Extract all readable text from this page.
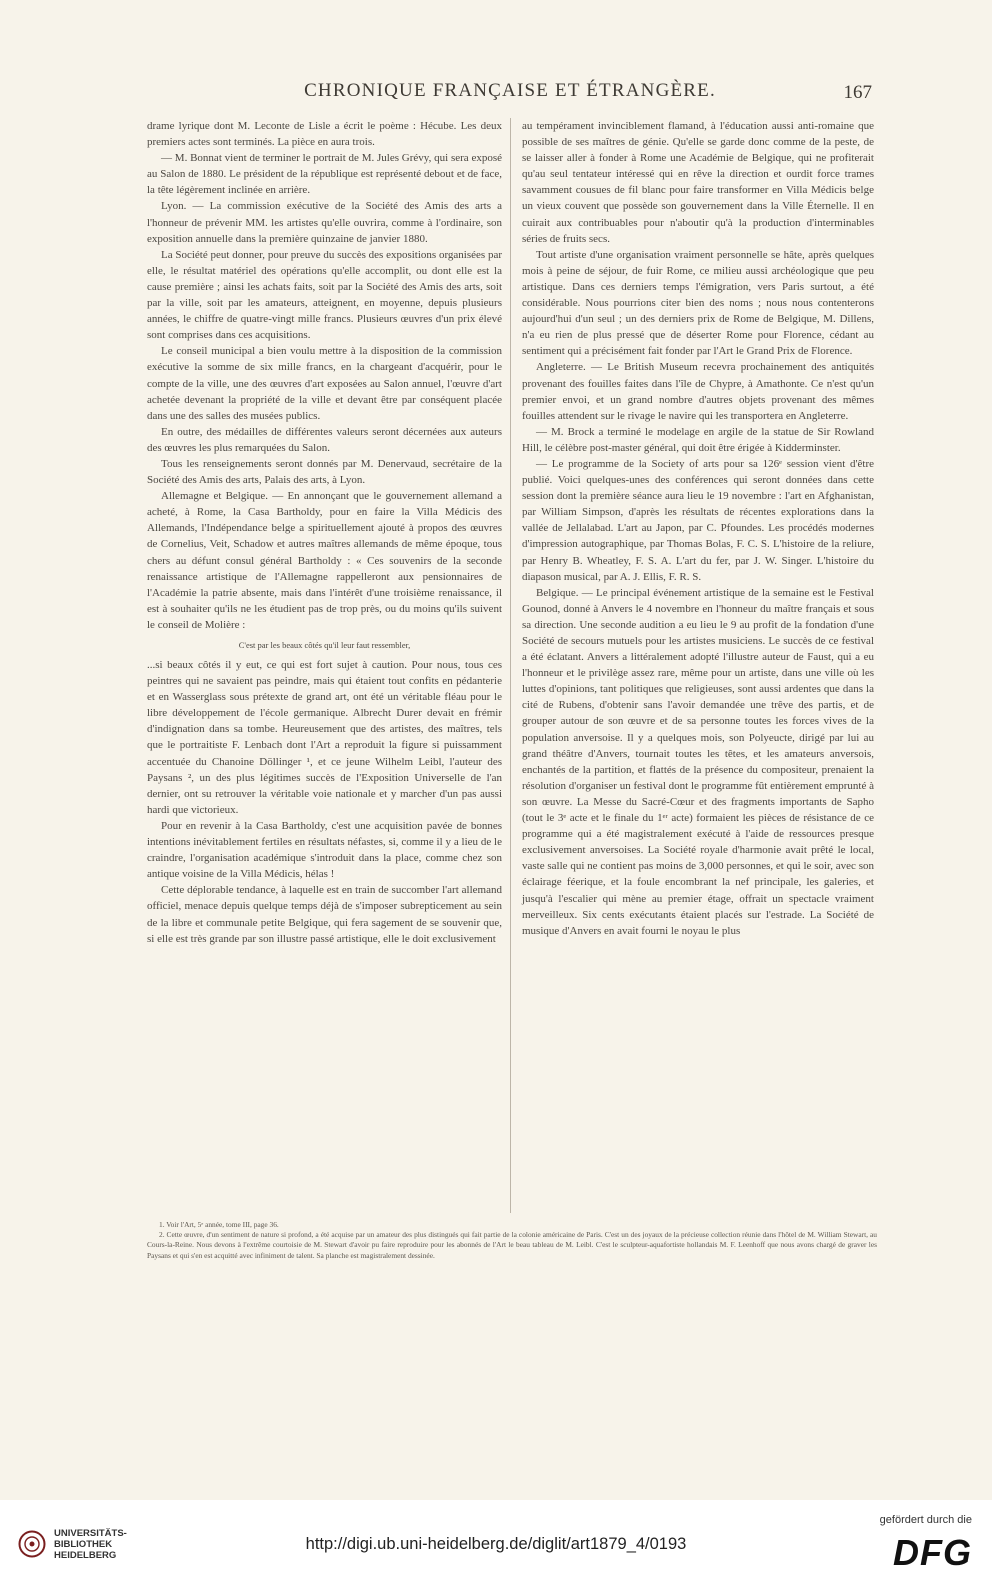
CHRONIQUE FRANÇAISE ET ÉTRANGÈRE.	167

drame lyrique dont M. Leconte de Lisle a écrit le poème : Hécube. Les deux premiers actes sont terminés. La pièce en aura trois.

— M. Bonnat vient de terminer le portrait de M. Jules Grévy, qui sera exposé au Salon de 1880. Le président de la république est représenté debout et de face, la tête légèrement inclinée en arrière.

Lyon. — La commission exécutive de la Société des Amis des arts a l'honneur de prévenir MM. les artistes qu'elle ouvrira, comme à l'ordinaire, son exposition annuelle dans la première quinzaine de janvier 1880.

La Société peut donner, pour preuve du succès des expositions organisées par elle, le résultat matériel des opérations qu'elle accomplit, ou dont elle est la cause première ; ainsi les achats faits, soit par la Société des Amis des arts, soit par la ville, soit par les amateurs, atteignent, en moyenne, depuis plusieurs années, le chiffre de quatre-vingt mille francs. Plusieurs œuvres d'un prix élevé sont comprises dans ces acquisitions.

Le conseil municipal a bien voulu mettre à la disposition de la commission exécutive la somme de six mille francs, en la chargeant d'acquérir, pour le compte de la ville, une des œuvres d'art exposées au Salon annuel, l'œuvre d'art achetée devenant la propriété de la ville et devant être par conséquent placée dans une des salles des musées publics.

En outre, des médailles de différentes valeurs seront décernées aux auteurs des œuvres les plus remarquées du Salon.

Tous les renseignements seront donnés par M. Denervaud, secrétaire de la Société des Amis des arts, Palais des arts, à Lyon.

Allemagne et Belgique. — En annonçant que le gouvernement allemand a acheté, à Rome, la Casa Bartholdy, pour en faire la Villa Médicis des Allemands, l'Indépendance belge a spirituellement ajouté à propos des œuvres de Cornelius, Veit, Schadow et autres maîtres allemands de même époque, tous chers au défunt consul général Bartholdy : « Ces souvenirs de la seconde renaissance artistique de l'Allemagne rappelleront aux pensionnaires de l'Académie la patrie absente, mais dans l'intérêt d'une troisième renaissance, il est à souhaiter qu'ils ne les étudient pas de trop près, ou du moins qu'ils suivent le conseil de Molière :

C'est par les beaux côtés qu'il leur faut ressembler,

...si beaux côtés il y eut, ce qui est fort sujet à caution. Pour nous, tous ces peintres qui ne savaient pas peindre, mais qui étaient tout confits en pédanterie et en Wasserglass sous prétexte de grand art, ont été un véritable fléau pour le libre développement de l'école germanique. Albrecht Durer devait en frémir d'indignation dans sa tombe. Heureusement que des artistes, des maîtres, tels que le portraitiste F. Lenbach dont l'Art a reproduit la figure si puissamment accentuée du Chanoine Döllinger ¹, et ce jeune Wilhelm Leibl, l'auteur des Paysans ², un des plus légitimes succès de l'Exposition Universelle de l'an dernier, ont su retrouver la véritable voie nationale et y marcher d'un pas aussi hardi que victorieux.

Pour en revenir à la Casa Bartholdy, c'est une acquisition pavée de bonnes intentions inévitablement fertiles en résultats néfastes, si, comme il y a lieu de le craindre, l'organisation académique s'introduit dans la place, comme chez son antique voisine de la Villa Médicis, hélas !

Cette déplorable tendance, à laquelle est en train de succomber l'art allemand officiel, menace depuis quelque temps déjà de s'imposer subrepticement au sein de la libre et communale petite Belgique, qui fera sagement de se souvenir que, si elle est très grande par son illustre passé artistique, elle le doit exclusivement

au tempérament invinciblement flamand, à l'éducation aussi anti-romaine que possible de ses maîtres de génie. Qu'elle se garde donc comme de la peste, de se laisser aller à fonder à Rome une Académie de Belgique, qui ne profiterait qu'au seul tentateur intéressé qui en rêve la direction et ourdit force trames savamment cousues de fil blanc pour faire transformer en Villa Médicis belge un vieux couvent que possède son gouvernement dans la Ville Éternelle. Il en cuirait aux contribuables pour n'aboutir qu'à la production d'interminables séries de fruits secs.

Tout artiste d'une organisation vraiment personnelle se hâte, après quelques mois à peine de séjour, de fuir Rome, ce milieu aussi archéologique que peu artistique. Dans ces derniers temps l'émigration, vers Paris surtout, a été considérable. Nous pourrions citer bien des noms ; nous nous contenterons aujourd'hui d'un seul ; un des derniers prix de Rome de Belgique, M. Dillens, n'a eu rien de plus pressé que de déserter Rome pour Florence, cédant au sentiment qui a précisément fait fonder par l'Art le Grand Prix de Florence.

Angleterre. — Le British Museum recevra prochainement des antiquités provenant des fouilles faites dans l'île de Chypre, à Amathonte. Ce n'est qu'un premier envoi, et un grand nombre d'autres objets provenant des mêmes fouilles attendent sur le rivage le navire qui les transportera en Angleterre.

— M. Brock a terminé le modelage en argile de la statue de Sir Rowland Hill, le célèbre post-master général, qui doit être érigée à Kidderminster.

— Le programme de la Society of arts pour sa 126ᵉ session vient d'être publié. Voici quelques-unes des conférences qui seront données dans cette session dont la première séance aura lieu le 19 novembre : l'art en Afghanistan, par William Simpson, d'après les résultats de récentes explorations dans la vallée de Jellalabad. L'art au Japon, par C. Pfoundes. Les procédés modernes d'impression autographique, par Thomas Bolas, F. C. S. L'histoire de la reliure, par Henry B. Wheatley, F. S. A. L'art du fer, par J. W. Singer. L'histoire du diapason musical, par A. J. Ellis, F. R. S.

Belgique. — Le principal événement artistique de la semaine est le Festival Gounod, donné à Anvers le 4 novembre en l'honneur du maître français et sous sa direction. Une seconde audition a eu lieu le 9 au profit de la fondation d'une Société de secours mutuels pour les artistes musiciens. Le succès de ce festival a été éclatant. Anvers a littéralement adopté l'illustre auteur de Faust, qui a eu l'honneur et le privilège assez rare, même pour un artiste, dans une ville où les luttes d'opinions, tant politiques que religieuses, sont aussi ardentes que dans la cité de Rubens, d'obtenir sans l'avoir demandée une trêve des partis, et de grouper autour de son œuvre et de sa personne toutes les forces vives de la population anversoise. Il y a quelques mois, son Polyeucte, dirigé par lui au grand théâtre d'Anvers, tournait toutes les têtes, et les amateurs anversois, enchantés de la partition, et flattés de la présence du compositeur, prenaient la résolution d'organiser un festival dont le programme fût entièrement emprunté à son œuvre. La Messe du Sacré-Cœur et des fragments importants de Sapho (tout le 3ᵉ acte et le finale du 1ᵉʳ acte) formaient les pièces de résistance de ce programme qui a été magistralement exécuté à l'aide de ressources presque exclusivement anversoises. La Société royale d'harmonie avait prêté le local, vaste salle qui ne contient pas moins de 3,000 personnes, et qui le soir, avec son éclairage féerique, et la foule encombrant la nef principale, les galeries, et jusqu'à l'escalier qui mène au premier étage, offrait un spectacle vraiment merveilleux. Six cents exécutants étaient placés sur l'estrade. La Société de musique d'Anvers en avait fourni le noyau le plus

1. Voir l'Art, 5ᵉ année, tome III, page 36.

2. Cette œuvre, d'un sentiment de nature si profond, a été acquise par un amateur des plus distingués qui fait partie de la colonie américaine de Paris. C'est un des joyaux de la précieuse collection réunie dans l'hôtel de M. William Stewart, au Cours-la-Reine. Nous devons à l'extrême courtoisie de M. Stewart d'avoir pu faire reproduire pour les abonnés de l'Art le beau tableau de M. Leibl. C'est le sculpteur-aquafortiste hollandais M. F. Leenhoff que nous avons chargé de graver les Paysans et qui s'en est acquitté avec infiniment de talent. Sa planche est magistralement dessinée.

UNIVERSITÄTS-
BIBLIOTHEK
HEIDELBERG
http://digi.ub.uni-heidelberg.de/diglit/art1879_4/0193
gefördert durch die
DFG
